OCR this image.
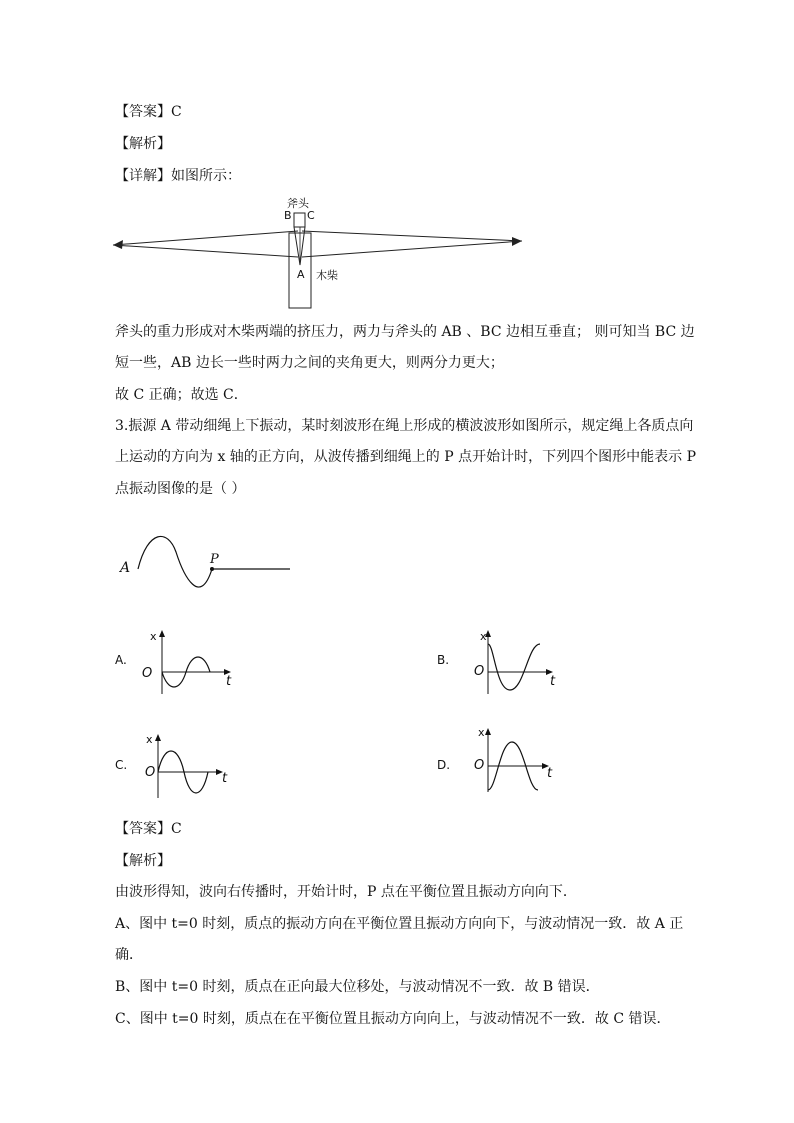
【答案】C
【解析】
【详解】如图所示：
斧头
B C
A 木柴
斧头的重力形成对木柴两端的挤压力，两力与斧头的 AB 、BC 边相互垂直； 则可知当 BC 边
短一些，AB 边长一些时两力之间的夹角更大，则两分力更大；
故 C 正确；故选 C．
3.振源 A 带动细绳上下振动，某时刻波形在绳上形成的横波波形如图所示，规定绳上各质点向
上运动的方向为 x 轴的正方向，从波传播到细绳上的 P 点开始计时，下列四个图形中能表示 P
点振动图像的是（ ）
A
P
A.
x
O
t
B.
x
O
t
C.
x
O	t
D.
x
O
t
【答案】C
【解析】
由波形得知，波向右传播时，开始计时，P 点在平衡位置且振动方向向下．
A、图中 t=0 时刻，质点的振动方向在平衡位置且振动方向向下，与波动情况一致．故 A 正
确．
B、图中 t=0 时刻，质点在正向最大位移处，与波动情况不一致．故 B 错误．
C、图中 t=0 时刻，质点在在平衡位置且振动方向向上，与波动情况不一致．故 C 错误．
